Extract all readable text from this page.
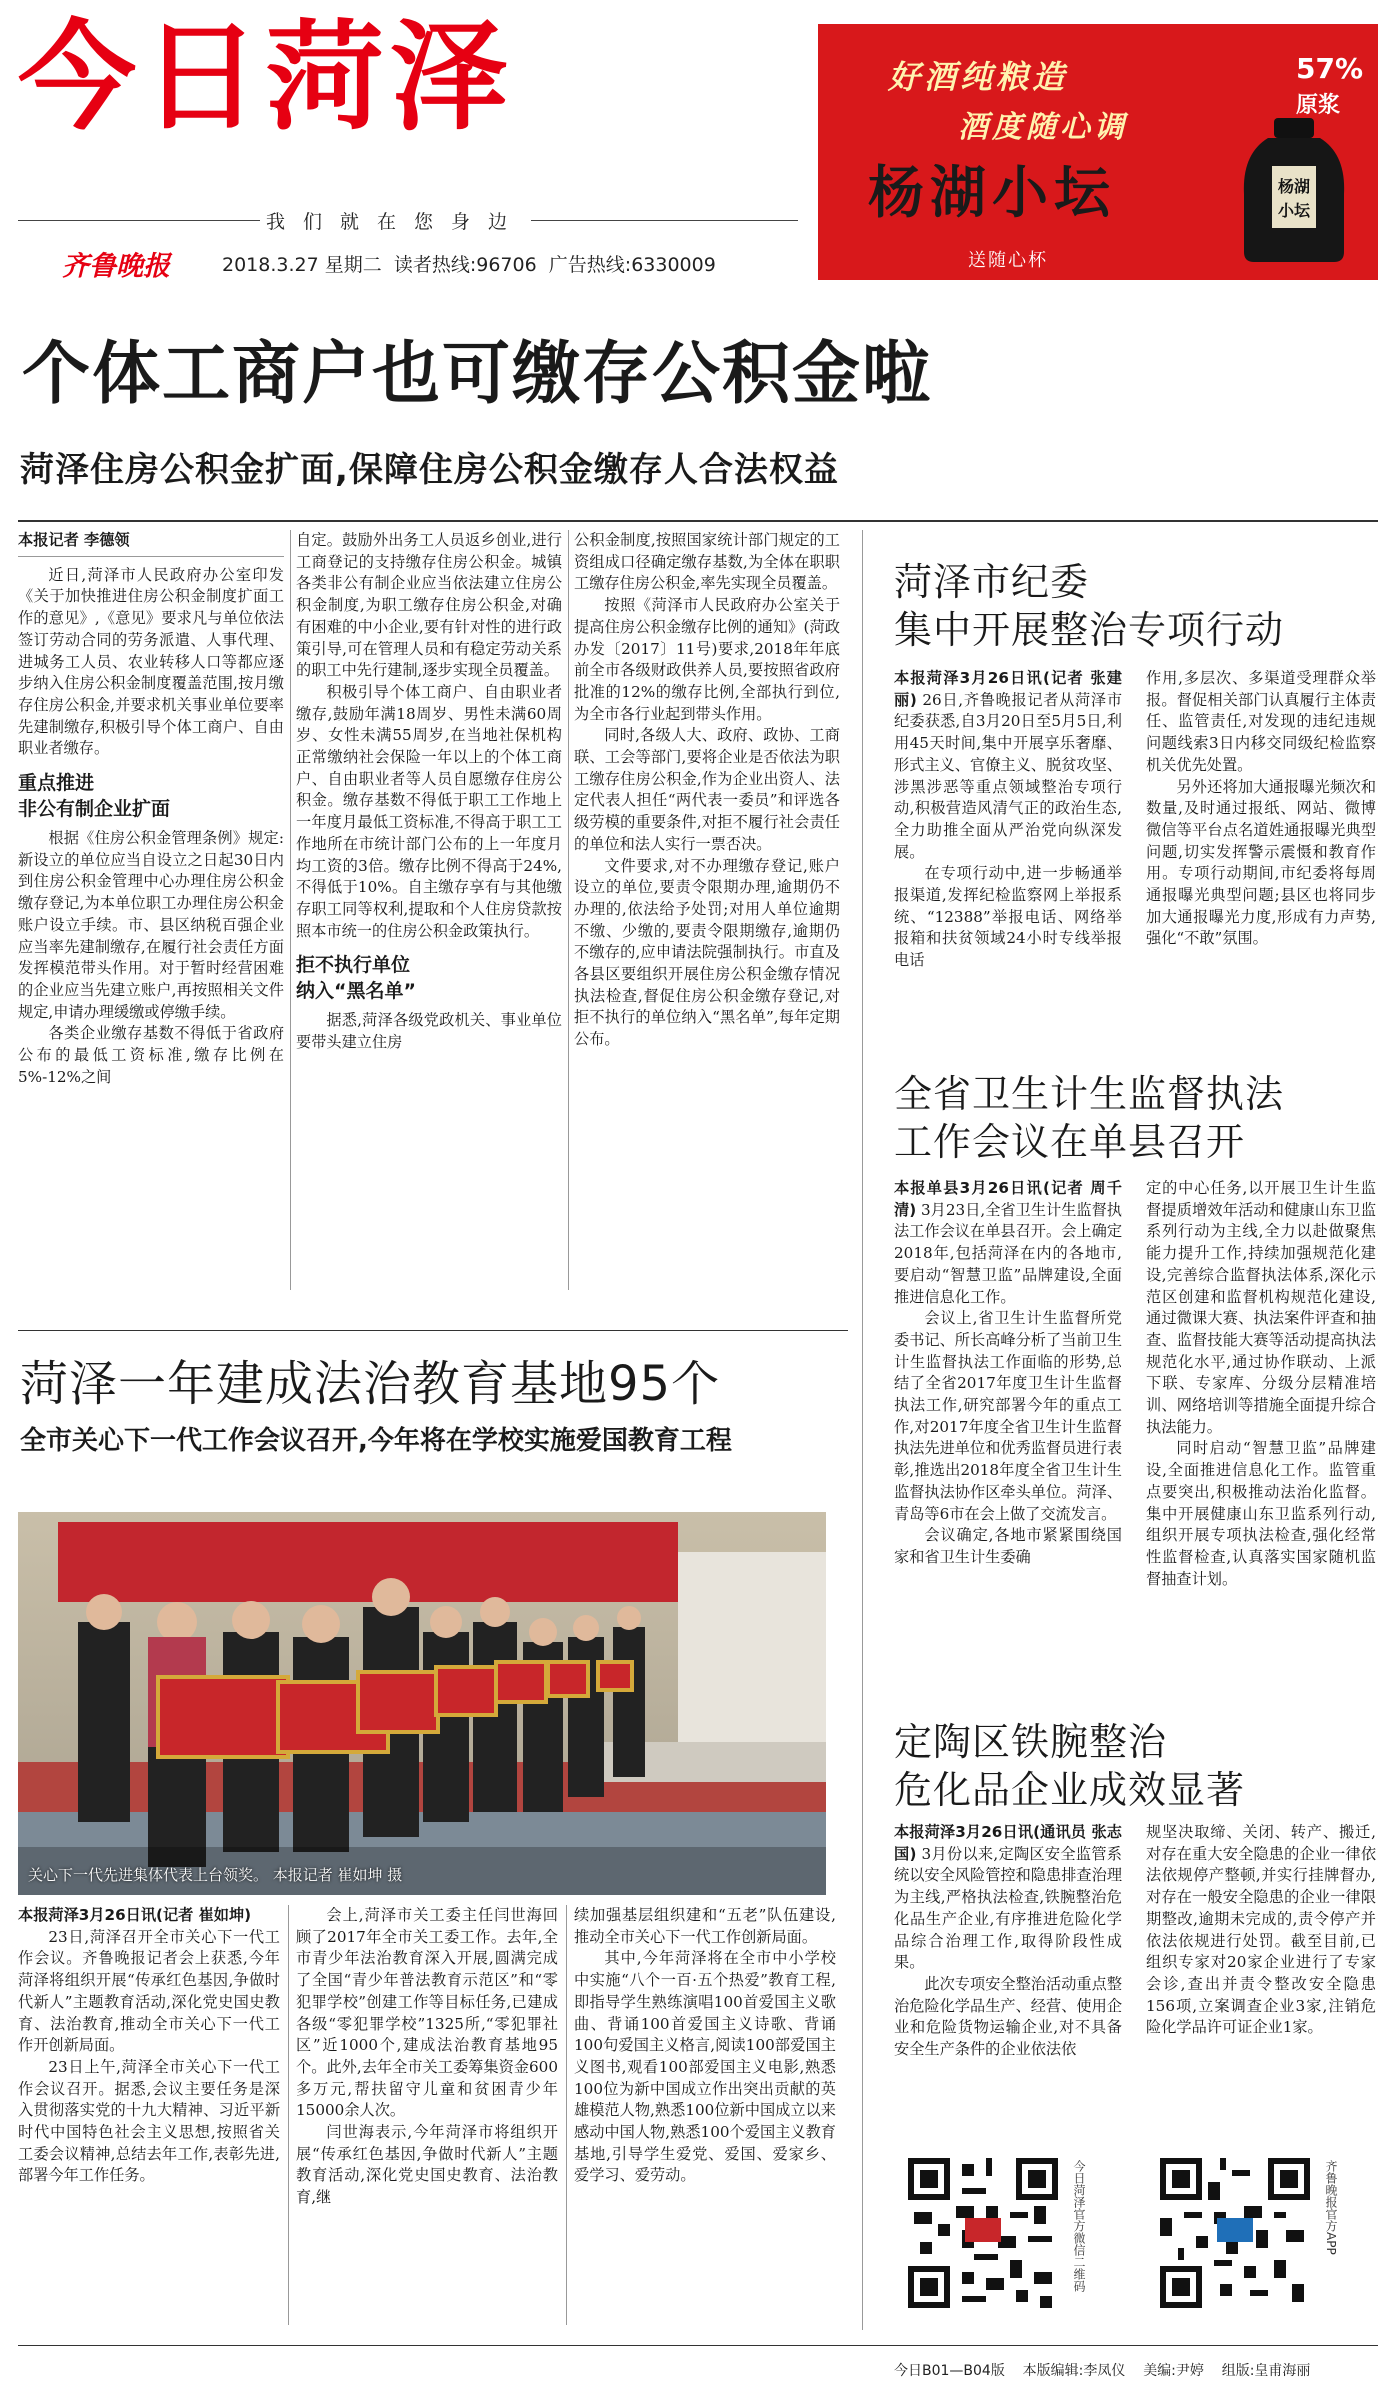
今日菏泽
我们就在您身边
齐鲁晚报	2018.3.27 星期二 读者热线:96706 广告热线:6330009
好酒纯粮造
酒度随心调
杨湖小坛
送随心杯
杨湖
小坛
57%
原浆
个体工商户也可缴存公积金啦
菏泽住房公积金扩面,保障住房公积金缴存人合法权益

本报记者 李德领

近日,菏泽市人民政府办公室印发《关于加快推进住房公积金制度扩面工作的意见》,《意见》要求凡与单位依法签订劳动合同的劳务派遣、人事代理、进城务工人员、农业转移人口等都应逐步纳入住房公积金制度覆盖范围,按月缴存住房公积金,并要求机关事业单位要率先建制缴存,积极引导个体工商户、自由职业者缴存。

重点推进
非公有制企业扩面

根据《住房公积金管理条例》规定:新设立的单位应当自设立之日起30日内到住房公积金管理中心办理住房公积金缴存登记,为本单位职工办理住房公积金账户设立手续。市、县区纳税百强企业应当率先建制缴存,在履行社会责任方面发挥模范带头作用。对于暂时经营困难的企业应当先建立账户,再按照相关文件规定,申请办理缓缴或停缴手续。

各类企业缴存基数不得低于省政府公布的最低工资标准,缴存比例在5%-12%之间

自定。鼓励外出务工人员返乡创业,进行工商登记的支持缴存住房公积金。城镇各类非公有制企业应当依法建立住房公积金制度,为职工缴存住房公积金,对确有困难的中小企业,要有针对性的进行政策引导,可在管理人员和有稳定劳动关系的职工中先行建制,逐步实现全员覆盖。

积极引导个体工商户、自由职业者缴存,鼓励年满18周岁、男性未满60周岁、女性未满55周岁,在当地社保机构正常缴纳社会保险一年以上的个体工商户、自由职业者等人员自愿缴存住房公积金。缴存基数不得低于职工工作地上一年度月最低工资标准,不得高于职工工作地所在市统计部门公布的上一年度月均工资的3倍。缴存比例不得高于24%,不得低于10%。自主缴存享有与其他缴存职工同等权利,提取和个人住房贷款按照本市统一的住房公积金政策执行。

拒不执行单位
纳入“黑名单”

据悉,菏泽各级党政机关、事业单位要带头建立住房

公积金制度,按照国家统计部门规定的工资组成口径确定缴存基数,为全体在职职工缴存住房公积金,率先实现全员覆盖。

按照《菏泽市人民政府办公室关于提高住房公积金缴存比例的通知》(菏政办发〔2017〕11号)要求,2018年年底前全市各级财政供养人员,要按照省政府批准的12%的缴存比例,全部执行到位,为全市各行业起到带头作用。

同时,各级人大、政府、政协、工商联、工会等部门,要将企业是否依法为职工缴存住房公积金,作为企业出资人、法定代表人担任“两代表一委员”和评选各级劳模的重要条件,对拒不履行社会责任的单位和法人实行一票否决。

文件要求,对不办理缴存登记,账户设立的单位,要责令限期办理,逾期仍不办理的,依法给予处罚;对用人单位逾期不缴、少缴的,要责令限期缴存,逾期仍不缴存的,应申请法院强制执行。市直及各县区要组织开展住房公积金缴存情况执法检查,督促住房公积金缴存登记,对拒不执行的单位纳入“黑名单”,每年定期公布。

菏泽一年建成法治教育基地95个
全市关心下一代工作会议召开,今年将在学校实施爱国教育工程
关心下一代先进集体代表上台领奖。 本报记者 崔如坤 摄

本报菏泽3月26日讯(记者 崔如坤)

23日,菏泽召开全市关心下一代工作会议。齐鲁晚报记者会上获悉,今年菏泽将组织开展“传承红色基因,争做时代新人”主题教育活动,深化党史国史教育、法治教育,推动全市关心下一代工作开创新局面。

23日上午,菏泽全市关心下一代工作会议召开。据悉,会议主要任务是深入贯彻落实党的十九大精神、习近平新时代中国特色社会主义思想,按照省关工委会议精神,总结去年工作,表彰先进,部署今年工作任务。

会上,菏泽市关工委主任闫世海回顾了2017年全市关工委工作。去年,全市青少年法治教育深入开展,圆满完成了全国“青少年普法教育示范区”和“零犯罪学校”创建工作等目标任务,已建成各级“零犯罪学校”1325所,“零犯罪社区”近1000个,建成法治教育基地95个。此外,去年全市关工委筹集资金600多万元,帮扶留守儿童和贫困青少年15000余人次。

闫世海表示,今年菏泽市将组织开展“传承红色基因,争做时代新人”主题教育活动,深化党史国史教育、法治教育,继

续加强基层组织建和“五老”队伍建设,推动全市关心下一代工作创新局面。

其中,今年菏泽将在全市中小学校中实施“八个一百·五个热爱”教育工程,即指导学生熟练演唱100首爱国主义歌曲、背诵100首爱国主义诗歌、背诵100句爱国主义格言,阅读100部爱国主义图书,观看100部爱国主义电影,熟悉100位为新中国成立作出突出贡献的英雄模范人物,熟悉100位新中国成立以来感动中国人物,熟悉100个爱国主义教育基地,引导学生爱党、爱国、爱家乡、爱学习、爱劳动。

菏泽市纪委
集中开展整治专项行动

本报菏泽3月26日讯(记者 张建丽) 26日,齐鲁晚报记者从菏泽市纪委获悉,自3月20日至5月5日,利用45天时间,集中开展享乐奢靡、形式主义、官僚主义、脱贫攻坚、涉黑涉恶等重点领域整治专项行动,积极营造风清气正的政治生态,全力助推全面从严治党向纵深发展。

在专项行动中,进一步畅通举报渠道,发挥纪检监察网上举报系统、“12388”举报电话、网络举报箱和扶贫领域24小时专线举报电话

作用,多层次、多渠道受理群众举报。督促相关部门认真履行主体责任、监管责任,对发现的违纪违规问题线索3日内移交同级纪检监察机关优先处置。

另外还将加大通报曝光频次和数量,及时通过报纸、网站、微博微信等平台点名道姓通报曝光典型问题,切实发挥警示震慑和教育作用。专项行动期间,市纪委将每周通报曝光典型问题;县区也将同步加大通报曝光力度,形成有力声势,强化“不敢”氛围。

全省卫生计生监督执法
工作会议在单县召开

本报单县3月26日讯(记者 周千清) 3月23日,全省卫生计生监督执法工作会议在单县召开。会上确定2018年,包括菏泽在内的各地市,要启动“智慧卫监”品牌建设,全面推进信息化工作。

会议上,省卫生计生监督所党委书记、所长高峰分析了当前卫生计生监督执法工作面临的形势,总结了全省2017年度卫生计生监督执法工作,研究部署今年的重点工作,对2017年度全省卫生计生监督执法先进单位和优秀监督员进行表彰,推选出2018年度全省卫生计生监督执法协作区牵头单位。菏泽、青岛等6市在会上做了交流发言。

会议确定,各地市紧紧围绕国家和省卫生计生委确

定的中心任务,以开展卫生计生监督提质增效年活动和健康山东卫监系列行动为主线,全力以赴做聚焦能力提升工作,持续加强规范化建设,完善综合监督执法体系,深化示范区创建和监督机构规范化建设,通过微课大赛、执法案件评查和抽查、监督技能大赛等活动提高执法规范化水平,通过协作联动、上派下联、专家库、分级分层精准培训、网络培训等措施全面提升综合执法能力。

同时启动“智慧卫监”品牌建设,全面推进信息化工作。监管重点要突出,积极推动法治化监督。集中开展健康山东卫监系列行动,组织开展专项执法检查,强化经常性监督检查,认真落实国家随机监督抽查计划。

定陶区铁腕整治
危化品企业成效显著

本报菏泽3月26日讯(通讯员 张志国) 3月份以来,定陶区安全监管系统以安全风险管控和隐患排查治理为主线,严格执法检查,铁腕整治危化品生产企业,有序推进危险化学品综合治理工作,取得阶段性成果。

此次专项安全整治活动重点整治危险化学品生产、经营、使用企业和危险货物运输企业,对不具备安全生产条件的企业依法依

规坚决取缔、关闭、转产、搬迁,对存在重大安全隐患的企业一律依法依规停产整顿,并实行挂牌督办,对存在一般安全隐患的企业一律限期整改,逾期未完成的,责令停产并依法依规进行处罚。截至目前,已组织专家对20家企业进行了专家会诊,查出并责令整改安全隐患156项,立案调查企业3家,注销危险化学品许可证企业1家。

今日菏泽官方微信二维码	齐鲁晚报官方APP
今日B01—B04版 本版编辑:李凤仪 美编:尹婷 组版:皇甫海丽
